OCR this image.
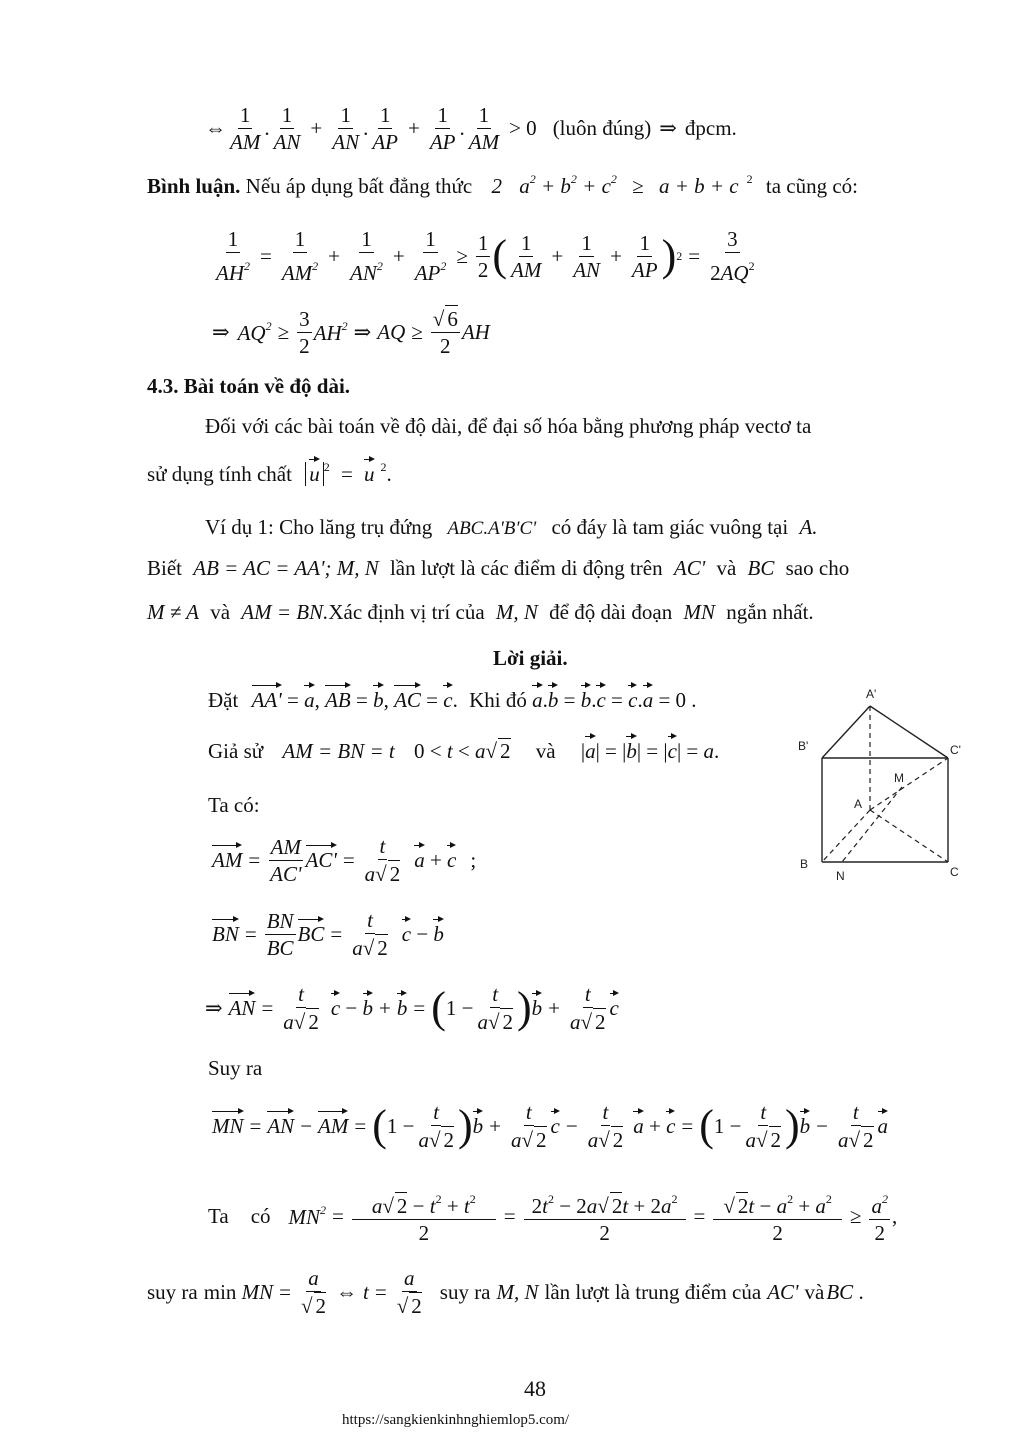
⇔ $\frac{1}{AM}$ . $\frac{1}{AN} + \frac{1}{AN}$ . $\frac{1}{AP} + \frac{1}{AP}$ . $\frac{1}{AM} > 0$ (luôn đúng) ⇒ đpcm.
Bình luận. Nếu áp dụng bất đẳng thức 2 $a^2 + b^2 + c^2 \ge a + b + c$ $^2$ ta cũng có:
$\frac{1}{AH^2} = \frac{1}{AM^2} + \frac{1}{AN^2} + \frac{1}{AP^2} \ge \frac{1}{2}$ ( $\frac{1}{AM} + \frac{1}{AN} + \frac{1}{AP}$ ) $2 = \frac{3}{2AQ^2}$
⇒ $AQ^2 \ge \frac{3}{2} AH^2$ ⇒ AQ ≥ $\frac{√ 6}{2}$ AH
4.3. Bài toán về độ dài.
Đối với các bài toán về độ dài, để đại số hóa bằng phương pháp vectơ ta
sử dụng tính chất u $^2$ = u $^2$.
Ví dụ 1: Cho lăng trụ đứng ABC.A'B'C' có đáy là tam giác vuông tại A.
Biết AB = AC = AA'; M, N lần lượt là các điểm di động trên AC' và BC sao cho
M ≠ A và AM = BN.Xác định vị trí của M, N để độ dài đoạn MN ngắn nhất.
Lời giải.
Đặt AA' = a, AB = b, AC = c. Khi đó a.b = b.c = c.a = 0 .
Giả sử AM = BN = t 0 < t < a√ 2 và |a| = |b| = |c| = a.
Ta có:
AM = $\frac{AM}{AC'} AC' = \frac{t}{a√ 2}$ a + c ;
BN = $\frac{BN}{BC}$ BC = $\frac{t}{a√ 2}$ c − b
⇒ AN = $\frac{t}{a√ 2}$ c − b + b = ( $1 - \frac{t}{a√ 2}$ ) $b + \frac{t}{a√ 2}$ c
Suy ra
MN = AN − AM = ( $1 - \frac{t}{a√ 2}$ ) $b + \frac{t}{a√ 2}$ $c - \frac{t}{a√ 2}$ a + c = ( $1 - \frac{t}{a√ 2}$ ) $b - \frac{t}{a√ 2}$ a
Ta có $MN^2 = \frac{a√ 2 - t^2 + t^2}{2} = \frac{2t^2 - 2a√ 2t + 2a^2}{2} = \frac{√ 2t - a^2 + a^2}{2} \ge \frac{a^2}{2}$ ,
suy ra min MN = $\frac{a}{√ 2}$ ⇔ $t = \frac{a}{√ 2}$ suy ra M, N lần lượt là trung điểm của AC' và BC .
A'
B'	C'
M
A
B
N	C
48
https://sangkienkinhnghiemlop5.com/
